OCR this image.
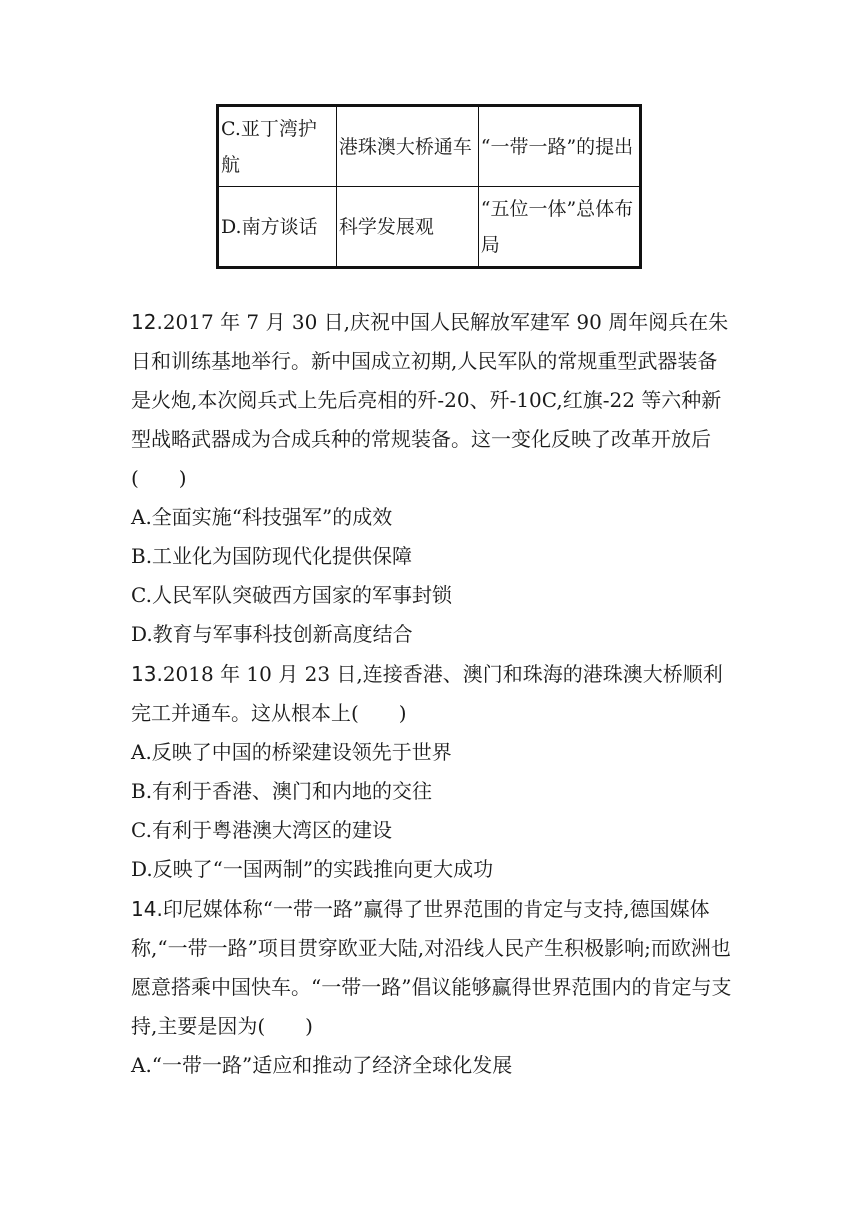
C.亚丁湾护航	港珠澳大桥通车	“一带一路”的提出
D.南方谈话	科学发展观	“五位一体”总体布局

12.2017 年 7 月 30 日,庆祝中国人民解放军建军 90 周年阅兵在朱日和训练基地举行。新中国成立初期,人民军队的常规重型武器装备是火炮,本次阅兵式上先后亮相的歼-20、歼-10C,红旗-22 等六种新型战略武器成为合成兵种的常规装备。这一变化反映了改革开放后

(　　)

A.全面实施“科技强军”的成效

B.工业化为国防现代化提供保障

C.人民军队突破西方国家的军事封锁

D.教育与军事科技创新高度结合

13.2018 年 10 月 23 日,连接香港、澳门和珠海的港珠澳大桥顺利完工并通车。这从根本上(　　)

A.反映了中国的桥梁建设领先于世界

B.有利于香港、澳门和内地的交往

C.有利于粤港澳大湾区的建设

D.反映了“一国两制”的实践推向更大成功

14.印尼媒体称“一带一路”赢得了世界范围的肯定与支持,德国媒体称,“一带一路”项目贯穿欧亚大陆,对沿线人民产生积极影响;而欧洲也愿意搭乘中国快车。“一带一路”倡议能够赢得世界范围内的肯定与支持,主要是因为(　　)

A.“一带一路”适应和推动了经济全球化发展
